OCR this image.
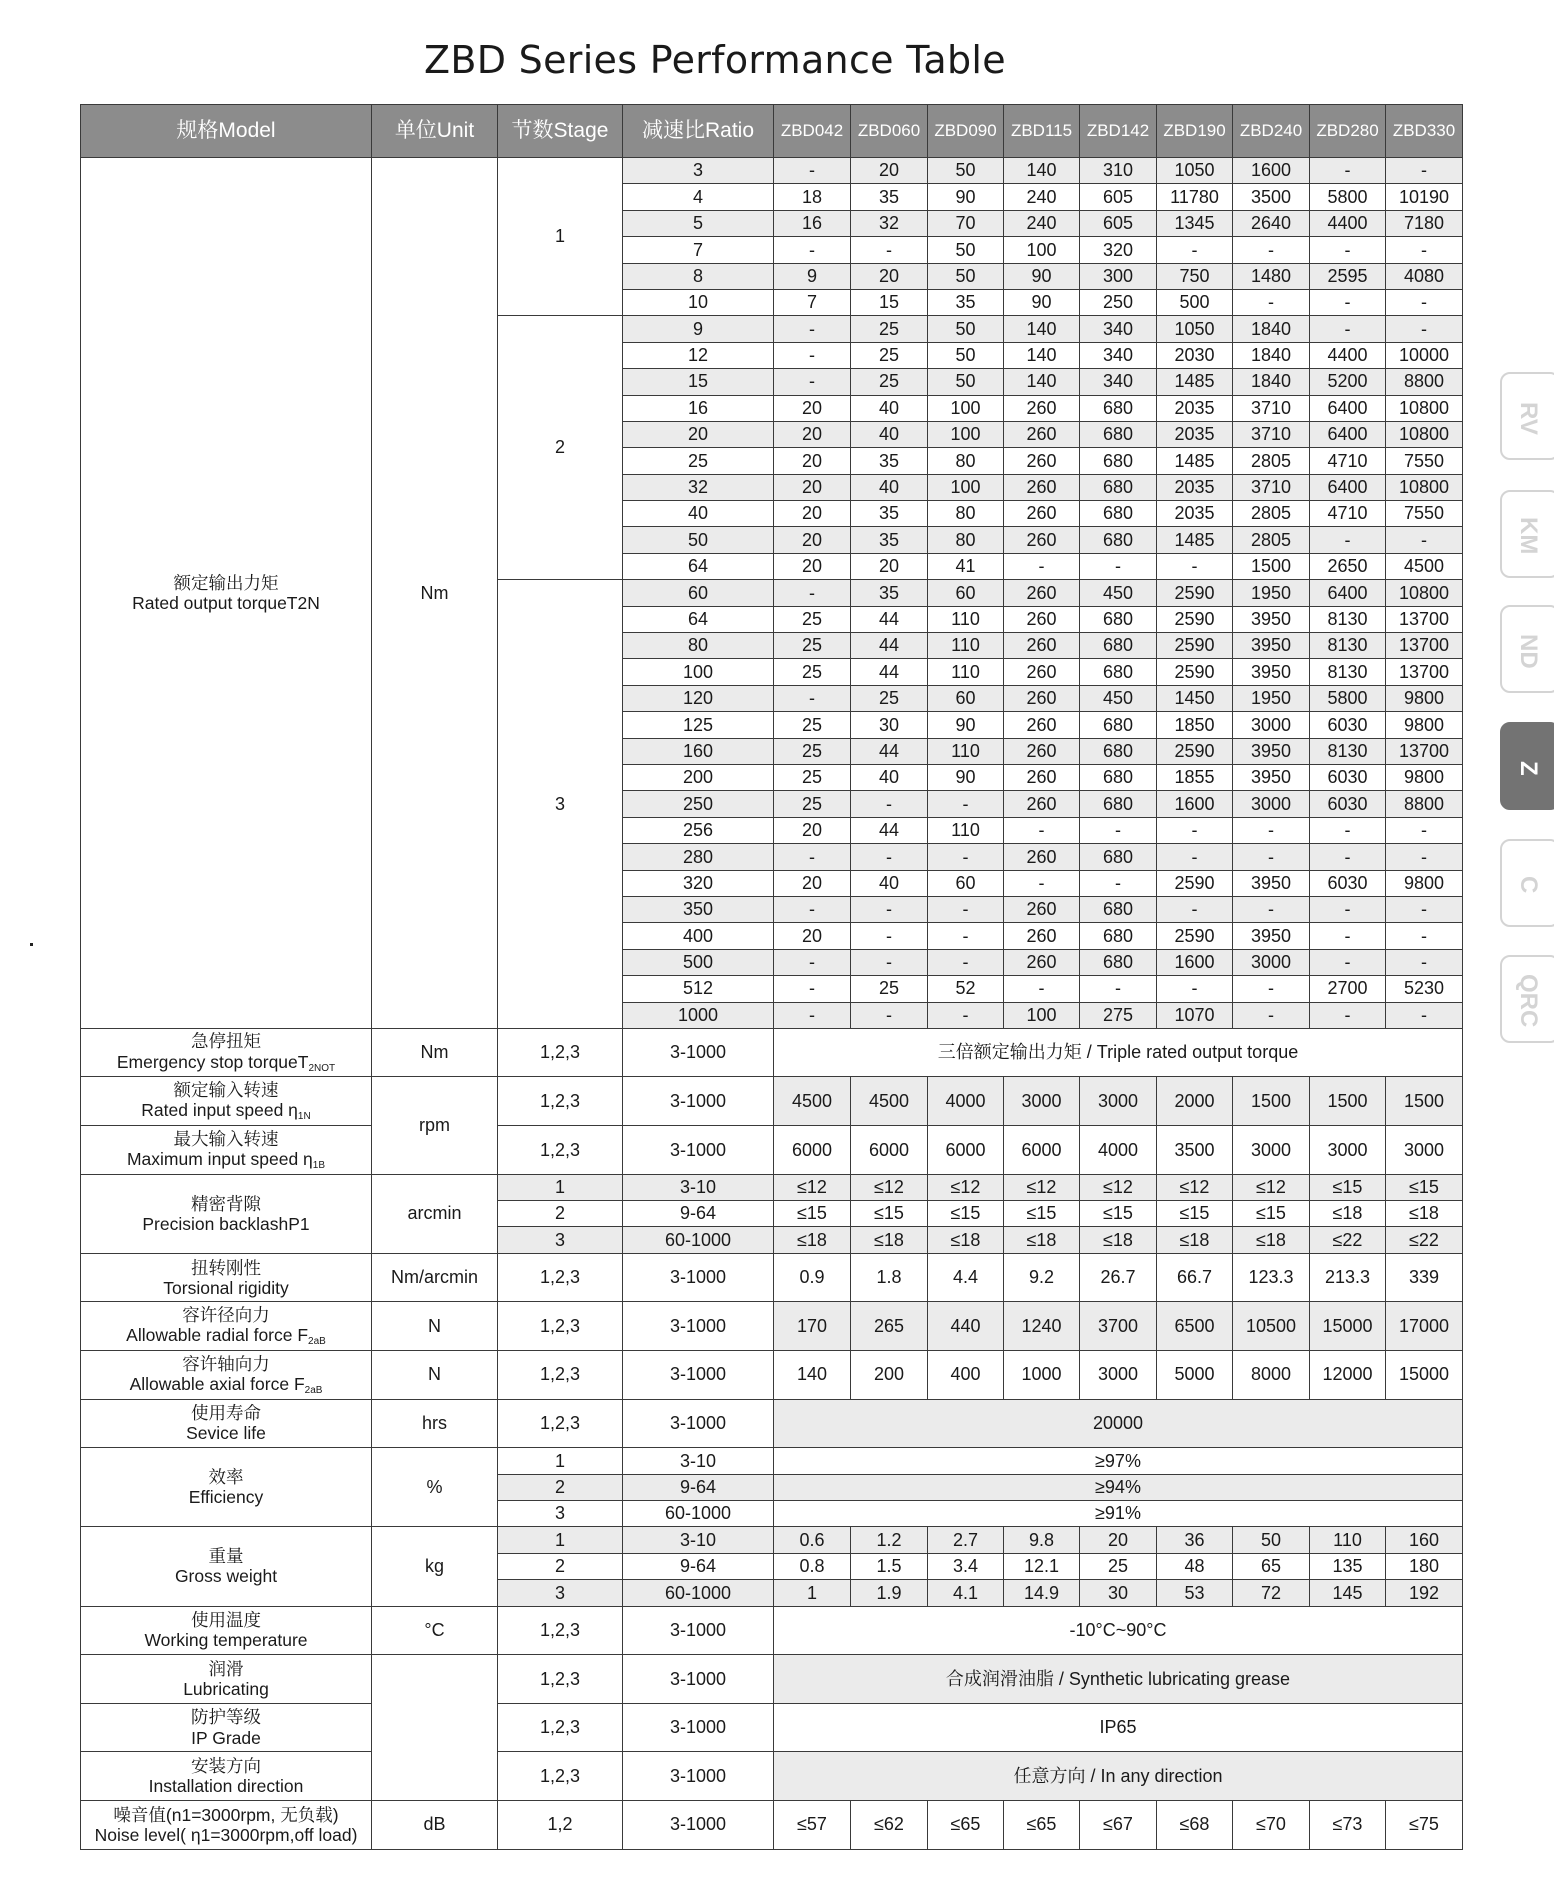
ZBD Series Performance Table
规格Model	单位Unit	节数Stage	减速比Ratio	ZBD042	ZBD060	ZBD090	ZBD115	ZBD142	ZBD190	ZBD240	ZBD280	ZBD330

额定输出力矩
Rated output torqueT2N	Nm	1	3	-	20	50	140	310	1050	1600	-	-
			4	18	35	90	240	605	11780	3500	5800	10190
			5	16	32	70	240	605	1345	2640	4400	7180
			7	-	-	50	100	320	-	-	-	-
			8	9	20	50	90	300	750	1480	2595	4080
			10	7	15	35	90	250	500	-	-	-
		2	9	-	25	50	140	340	1050	1840	-	-
			12	-	25	50	140	340	2030	1840	4400	10000
			15	-	25	50	140	340	1485	1840	5200	8800
			16	20	40	100	260	680	2035	3710	6400	10800
			20	20	40	100	260	680	2035	3710	6400	10800
			25	20	35	80	260	680	1485	2805	4710	7550
			32	20	40	100	260	680	2035	3710	6400	10800
			40	20	35	80	260	680	2035	2805	4710	7550
			50	20	35	80	260	680	1485	2805	-	-
			64	20	20	41	-	-	-	1500	2650	4500
		3	60	-	35	60	260	450	2590	1950	6400	10800
			64	25	44	110	260	680	2590	3950	8130	13700
			80	25	44	110	260	680	2590	3950	8130	13700
			100	25	44	110	260	680	2590	3950	8130	13700
			120	-	25	60	260	450	1450	1950	5800	9800
			125	25	30	90	260	680	1850	3000	6030	9800
			160	25	44	110	260	680	2590	3950	8130	13700
			200	25	40	90	260	680	1855	3950	6030	9800
			250	25	-	-	260	680	1600	3000	6030	8800
			256	20	44	110	-	-	-	-	-	-
			280	-	-	-	260	680	-	-	-	-
			320	20	40	60	-	-	2590	3950	6030	9800
			350	-	-	-	260	680	-	-	-	-
			400	20	-	-	260	680	2590	3950	-	-
			500	-	-	-	260	680	1600	3000	-	-
			512	-	25	52	-	-	-	-	2700	5230
			1000	-	-	-	100	275	1070	-	-	-

急停扭矩
Emergency stop torqueT$_{2NOT}$	Nm	1,2,3	3-1000	三倍额定输出力矩 / Triple rated output torque								

额定输入转速
Rated input speed $\eta_{1N}$	rpm	1,2,3	3-1000	4500	4500	4000	3000	3000	2000	1500	1500	1500

最大输入转速
Maximum input speed $\eta_{1B}$		1,2,3	3-1000	6000	6000	6000	6000	4000	3500	3000	3000	3000

精密背隙
Precision backlashP1	arcmin	1	3-10	≤12	≤12	≤12	≤12	≤12	≤12	≤12	≤15	≤15
		2	9-64	≤15	≤15	≤15	≤15	≤15	≤15	≤15	≤18	≤18
		3	60-1000	≤18	≤18	≤18	≤18	≤18	≤18	≤18	≤22	≤22

扭转刚性
Torsional rigidity	Nm/arcmin	1,2,3	3-1000	0.9	1.8	4.4	9.2	26.7	66.7	123.3	213.3	339

容许径向力
Allowable radial force $F_{2aB}$	N	1,2,3	3-1000	170	265	440	1240	3700	6500	10500	15000	17000

容许轴向力
Allowable axial force $F_{2aB}$	N	1,2,3	3-1000	140	200	400	1000	3000	5000	8000	12000	15000

使用寿命
Sevice life	hrs	1,2,3	3-1000	20000								

效率
Efficiency	%	1	3-10	≥97%								
		2	9-64	≥94%								
		3	60-1000	≥91%								

重量
Gross weight	kg	1	3-10	0.6	1.2	2.7	9.8	20	36	50	110	160
		2	9-64	0.8	1.5	3.4	12.1	25	48	65	135	180
		3	60-1000	1	1.9	4.1	14.9	30	53	72	145	192

使用温度
Working temperature	°C	1,2,3	3-1000	-10°C~90°C								

润滑
Lubricating		1,2,3	3-1000	合成润滑油脂 / Synthetic lubricating grease								

防护等级
IP Grade		1,2,3	3-1000	IP65								

安装方向
Installation direction		1,2,3	3-1000	任意方向 / In any direction								

噪音值(n1=3000rpm, 无负载)
Noise level( η1=3000rpm,off load)	dB	1,2	3-1000	≤57	≤62	≤65	≤65	≤67	≤68	≤70	≤73	≤75
RV
KM
ND
Z
C
QRC
